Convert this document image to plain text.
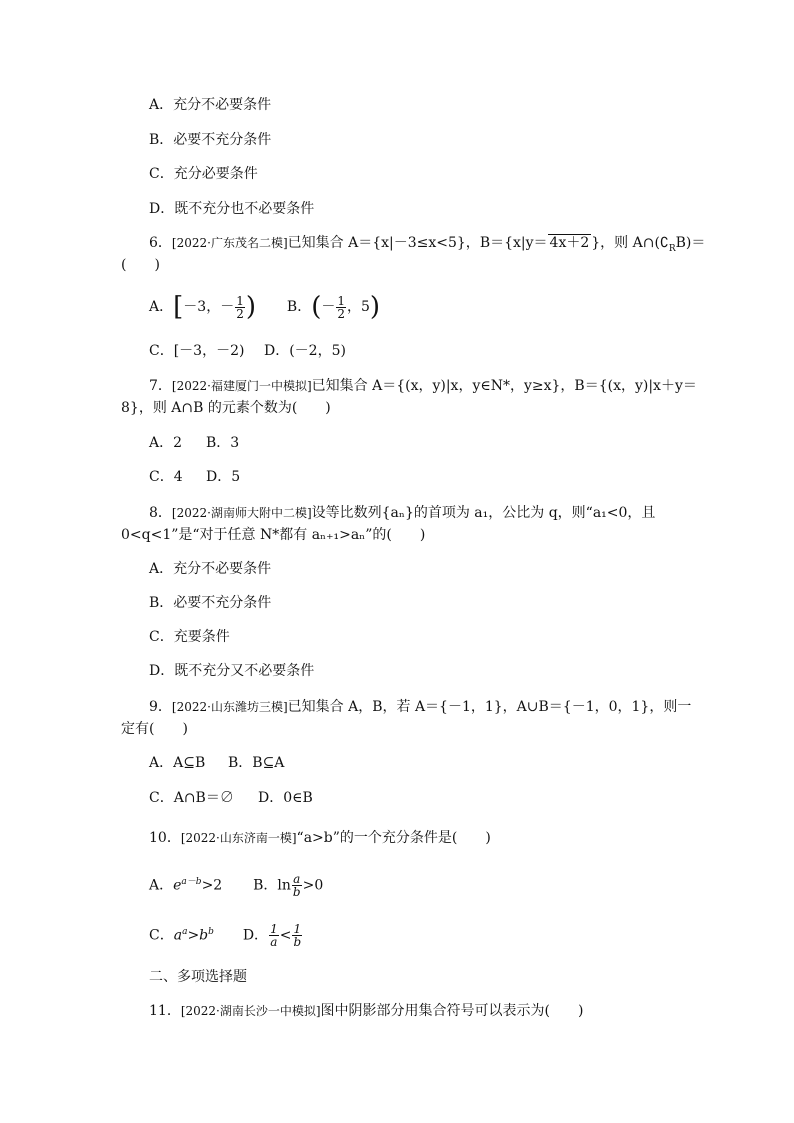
A．充分不必要条件
B．必要不充分条件
C．充分必要条件
D．既不充分也不必要条件
6．[2022·广东茂名二模]已知集合 A＝{x|－3≤x<5}，B＝{x|y＝ 4x＋2 }，则 $A\cap(∁_RB)=$
(　　)
A．[－3，－ $\frac{1}{2}$ ) B．(－ $\frac{1}{2}$ ，5)
C．[－3，－2) D．(－2，5)
7．[2022·福建厦门一中模拟]已知集合 A＝{(x，y)|x，y∈N*，y≥x}，B＝{(x，y)|x＋y＝
8}，则 A∩B 的元素个数为(　　)
A．2 B．3
C．4 D．5
8．[2022·湖南师大附中二模]设等比数列{aₙ}的首项为 a₁，公比为 q，则“a₁<0，且
0<q<1”是“对于任意 N*都有 aₙ₊₁>aₙ”的(　　)
A．充分不必要条件
B．必要不充分条件
C．充要条件
D．既不充分又不必要条件
9．[2022·山东潍坊三模]已知集合 A，B，若 A＝{－1，1}，A∪B＝{－1，0，1}，则一
定有(　　)
A．A⊆B B．B⊆A
C．A∩B＝∅ D．0∈B
10．[2022·山东济南一模]“a>b”的一个充分条件是(　　)
A．$e^{a-b}>2$ B．$\ln \frac{a}{b} >0$
C．$a^a>b^b$ D． $\frac{1}{a} < \frac{1}{b}$
二、多项选择题
11．[2022·湖南长沙一中模拟]图中阴影部分用集合符号可以表示为(　　)
